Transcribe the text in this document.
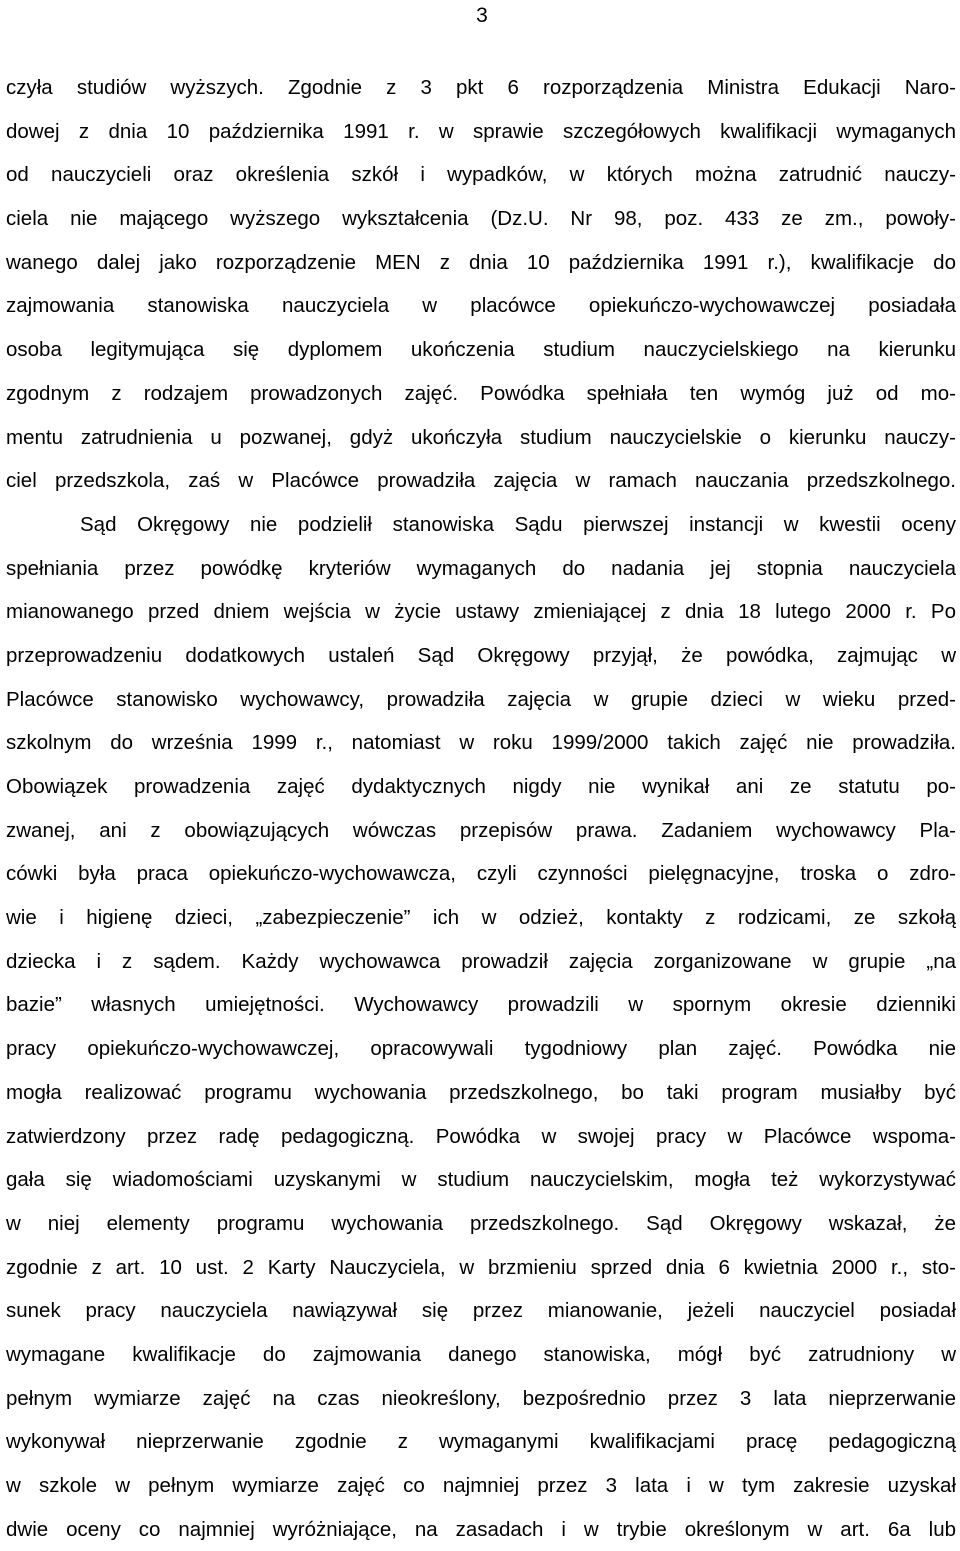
3
czyła studiów wyższych. Zgodnie z 3 pkt 6 rozporządzenia Ministra Edukacji Naro-
dowej z dnia 10 października 1991 r. w sprawie szczegółowych kwalifikacji wymaganych
od nauczycieli oraz określenia szkół i wypadków, w których można zatrudnić nauczy-
ciela nie mającego wyższego wykształcenia (Dz.U. Nr 98, poz. 433 ze zm., powoły-
wanego dalej jako rozporządzenie MEN z dnia 10 października 1991 r.), kwalifikacje do
zajmowania stanowiska nauczyciela w placówce opiekuńczo-wychowawczej posiadała
osoba legitymująca się dyplomem ukończenia studium nauczycielskiego na kierunku
zgodnym z rodzajem prowadzonych zajęć. Powódka spełniała ten wymóg już od mo-
mentu zatrudnienia u pozwanej, gdyż ukończyła studium nauczycielskie o kierunku nauczy-
ciel przedszkola, zaś w Placówce prowadziła zajęcia w ramach nauczania przedszkolnego.
Sąd Okręgowy nie podzielił stanowiska Sądu pierwszej instancji w kwestii oceny
spełniania przez powódkę kryteriów wymaganych do nadania jej stopnia nauczyciela
mianowanego przed dniem wejścia w życie ustawy zmieniającej z dnia 18 lutego 2000 r. Po
przeprowadzeniu dodatkowych ustaleń Sąd Okręgowy przyjął, że powódka, zajmując w
Placówce stanowisko wychowawcy, prowadziła zajęcia w grupie dzieci w wieku przed-
szkolnym do września 1999 r., natomiast w roku 1999/2000 takich zajęć nie prowadziła.
Obowiązek prowadzenia zajęć dydaktycznych nigdy nie wynikał ani ze statutu po-
zwanej, ani z obowiązujących wówczas przepisów prawa. Zadaniem wychowawcy Pla-
cówki była praca opiekuńczo-wychowawcza, czyli czynności pielęgnacyjne, troska o zdro-
wie i higienę dzieci, „zabezpieczenie” ich w odzież, kontakty z rodzicami, ze szkołą
dziecka i z sądem. Każdy wychowawca prowadził zajęcia zorganizowane w grupie „na
bazie” własnych umiejętności. Wychowawcy prowadzili w spornym okresie dzienniki
pracy opiekuńczo-wychowawczej, opracowywali tygodniowy plan zajęć. Powódka nie
mogła realizować programu wychowania przedszkolnego, bo taki program musiałby być
zatwierdzony przez radę pedagogiczną. Powódka w swojej pracy w Placówce wspoma-
gała się wiadomościami uzyskanymi w studium nauczycielskim, mogła też wykorzystywać
w niej elementy programu wychowania przedszkolnego. Sąd Okręgowy wskazał, że
zgodnie z art. 10 ust. 2 Karty Nauczyciela, w brzmieniu sprzed dnia 6 kwietnia 2000 r., sto-
sunek pracy nauczyciela nawiązywał się przez mianowanie, jeżeli nauczyciel posiadał
wymagane kwalifikacje do zajmowania danego stanowiska, mógł być zatrudniony w
pełnym wymiarze zajęć na czas nieokreślony, bezpośrednio przez 3 lata nieprzerwanie
wykonywał nieprzerwanie zgodnie z wymaganymi kwalifikacjami pracę pedagogiczną
w szkole w pełnym wymiarze zajęć co najmniej przez 3 lata i w tym zakresie uzyskał
dwie oceny co najmniej wyróżniające, na zasadach i w trybie określonym w art. 6a lub
